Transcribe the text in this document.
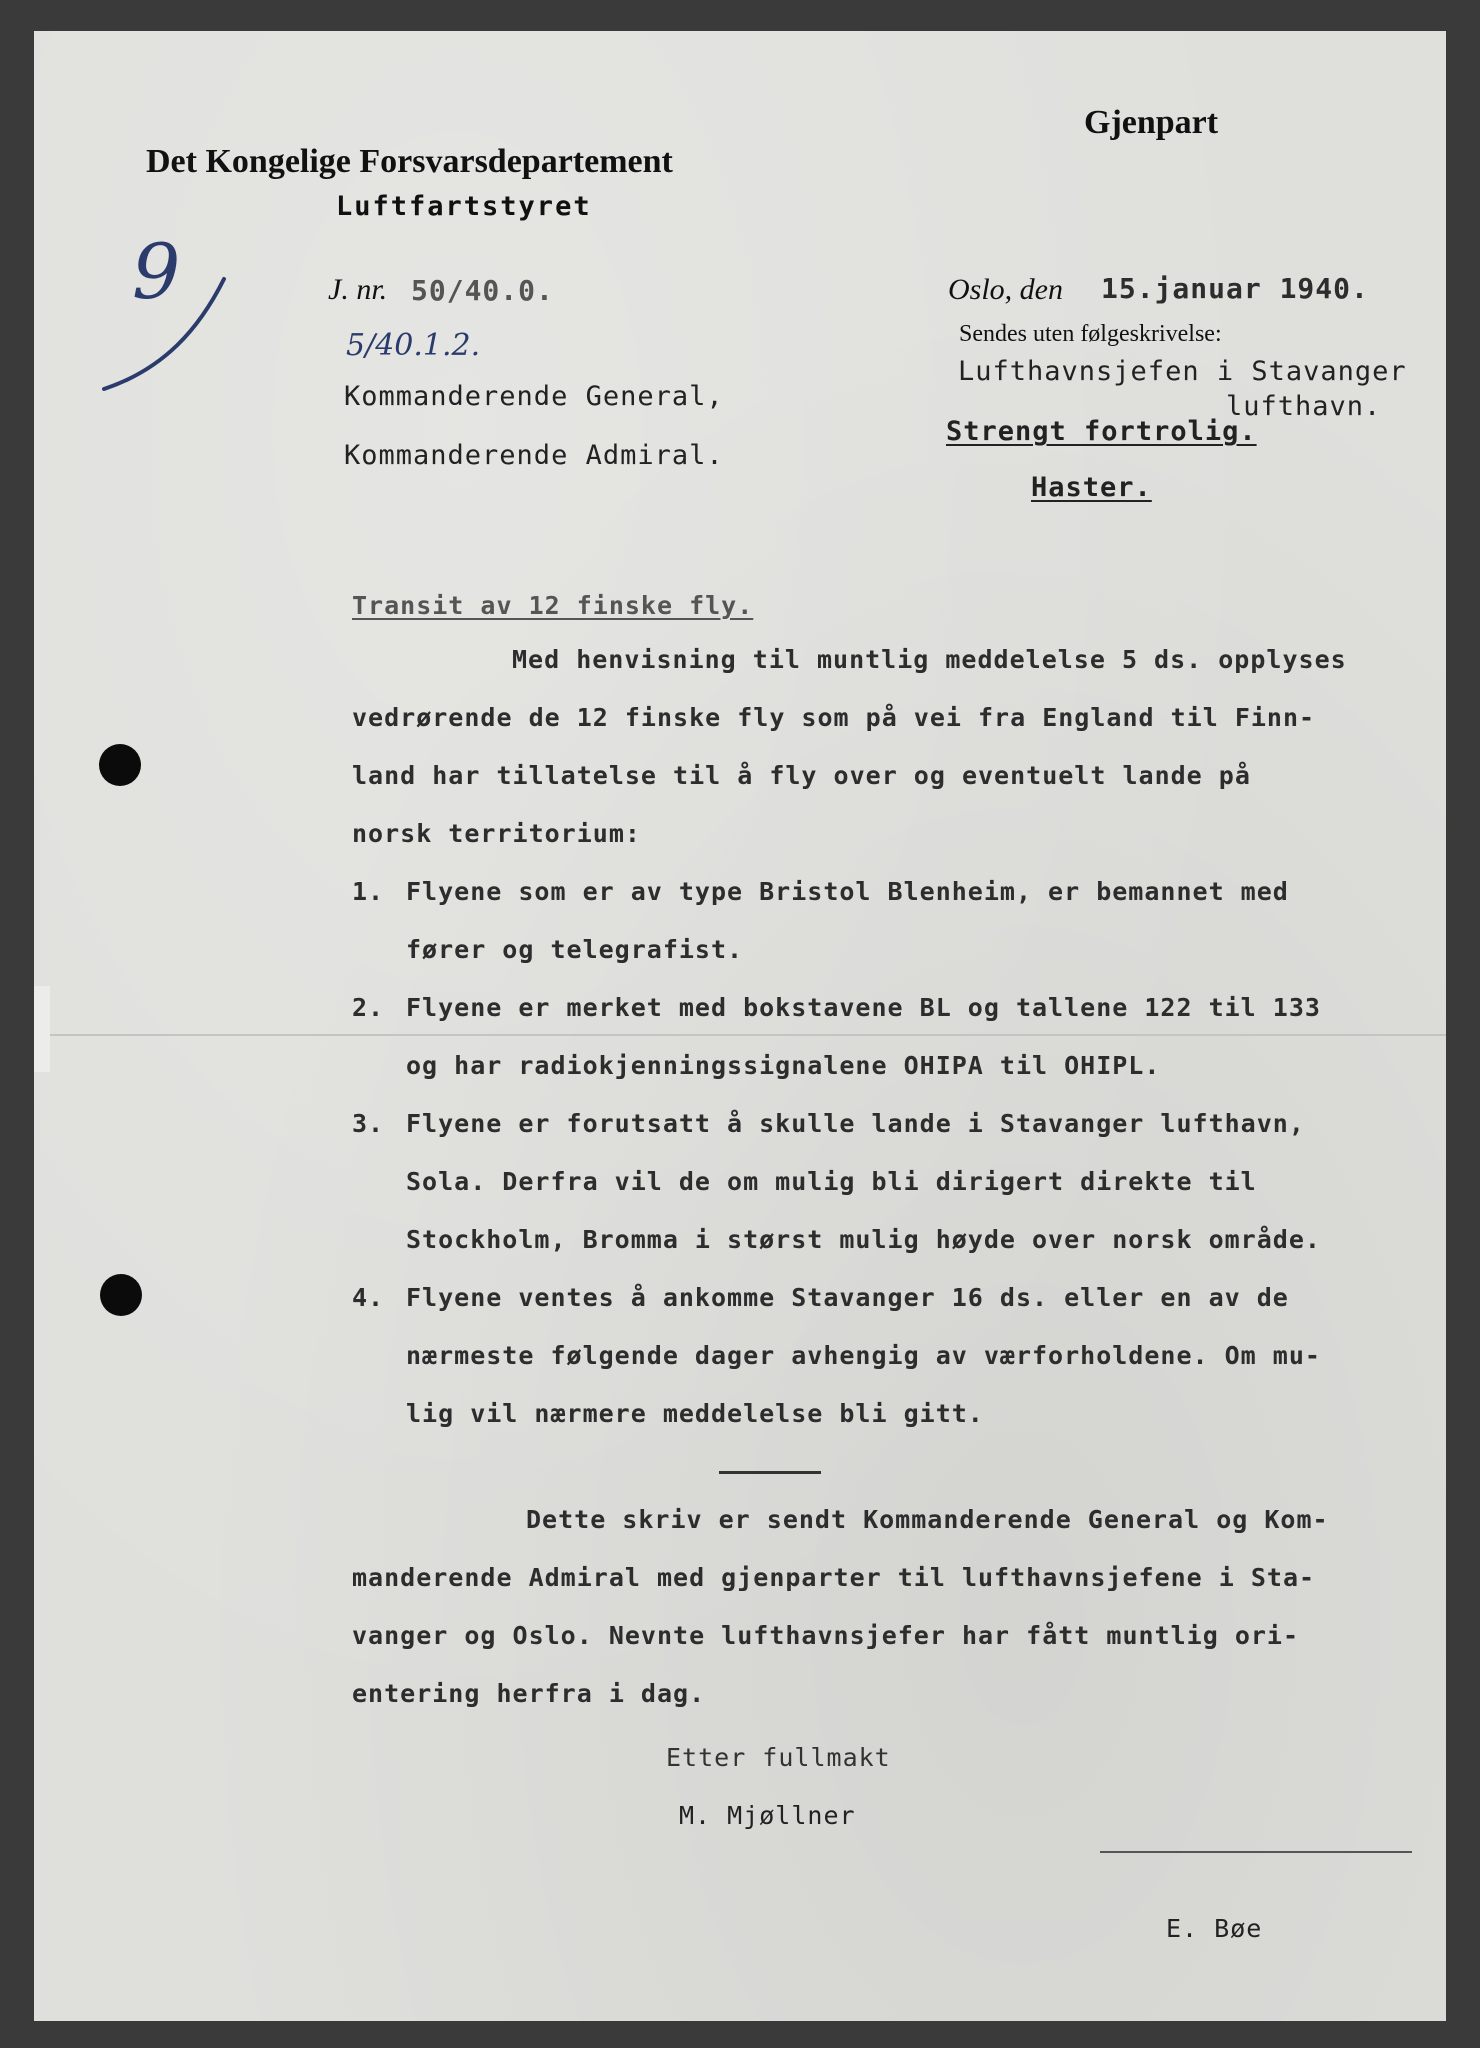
Gjenpart
Det Kongelige Forsvarsdepartement
Luftfartstyret
9
5/40.1.2.
J. nr. 50/40.0.	Oslo, den 15.januar 1940.
Sendes uten følgeskrivelse:
Lufthavnsjefen i Stavanger
lufthavn.
Kommanderende General,
Kommanderende Admiral.
Strengt fortrolig.
Haster.
Transit av 12 finske fly.
Med henvisning til muntlig meddelelse 5 ds. opplyses
vedrørende de 12 finske fly som på vei fra England til Finn-
land har tillatelse til å fly over og eventuelt lande på
norsk territorium:
1. Flyene som er av type Bristol Blenheim, er bemannet med
fører og telegrafist.
2. Flyene er merket med bokstavene BL og tallene 122 til 133
og har radiokjenningssignalene OHIPA til OHIPL.
3. Flyene er forutsatt å skulle lande i Stavanger lufthavn,
Sola. Derfra vil de om mulig bli dirigert direkte til
Stockholm, Bromma i størst mulig høyde over norsk område.
4. Flyene ventes å ankomme Stavanger 16 ds. eller en av de
nærmeste følgende dager avhengig av værforholdene. Om mu-
lig vil nærmere meddelelse bli gitt.
Dette skriv er sendt Kommanderende General og Kom-
manderende Admiral med gjenparter til lufthavnsjefene i Sta-
vanger og Oslo. Nevnte lufthavnsjefer har fått muntlig ori-
entering herfra i dag.
Etter fullmakt
M. Mjøllner
E. Bøe
